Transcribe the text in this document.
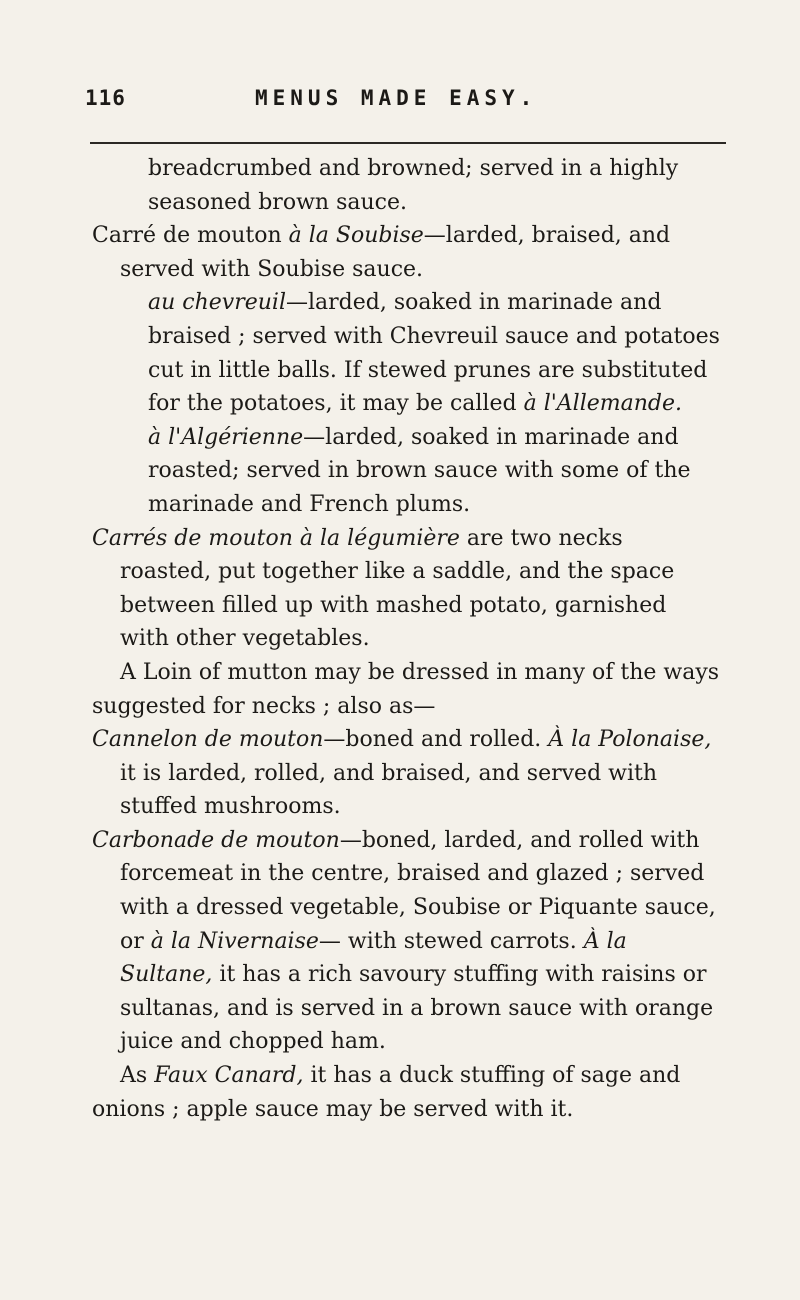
116	MENUS MADE EASY.

breadcrumbed and browned; served in a highly seasoned brown sauce.

Carré de mouton à la Soubise—larded, braised, and served with Soubise sauce.

au chevreuil—larded, soaked in marinade and braised ; served with Chevreuil sauce and potatoes cut in little balls. If stewed prunes are substituted for the potatoes, it may be called à l'Allemande.

à l'Algérienne—larded, soaked in marinade and roasted; served in brown sauce with some of the marinade and French plums.

Carrés de mouton à la légumière are two necks roasted, put together like a saddle, and the space between filled up with mashed potato, garnished with other vegetables.

A Loin of mutton may be dressed in many of the ways suggested for necks ; also as—

Cannelon de mouton—boned and rolled. À la Polonaise, it is larded, rolled, and braised, and served with stuffed mushrooms.

Carbonade de mouton—boned, larded, and rolled with forcemeat in the centre, braised and glazed ; served with a dressed vegetable, Soubise or Piquante sauce, or à la Nivernaise— with stewed carrots. À la Sultane, it has a rich savoury stuffing with raisins or sultanas, and is served in a brown sauce with orange juice and chopped ham.

As Faux Canard, it has a duck stuffing of sage and onions ; apple sauce may be served with it.
